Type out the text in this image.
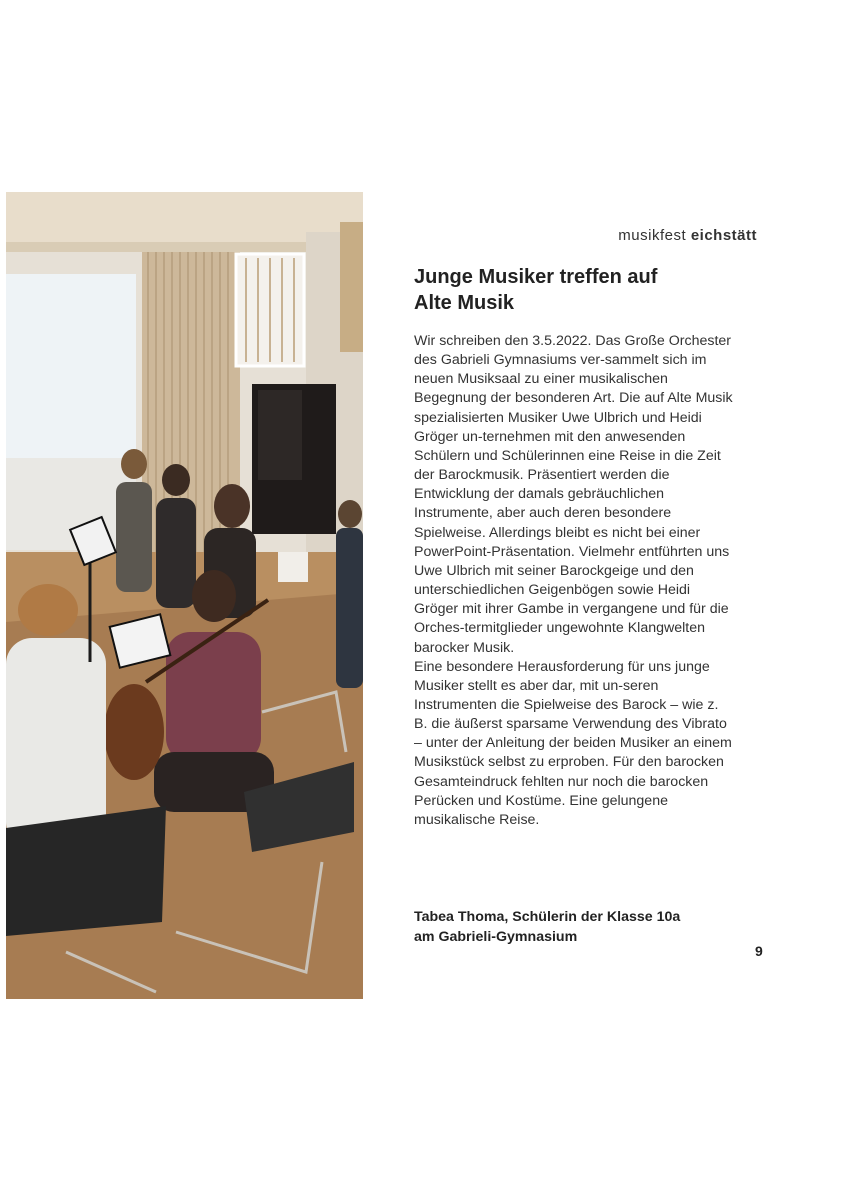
musikfest eichstätt
Junge Musiker treffen auf
Alte Musik

Wir schreiben den 3.5.2022. Das Große Orchester des Gabrieli Gymnasiums ver-sammelt sich im neuen Musiksaal zu einer musikalischen Begegnung der besonderen Art. Die auf Alte Musik spezialisierten Musiker Uwe Ulbrich und Heidi Gröger un-ternehmen mit den anwesenden Schülern und Schülerinnen eine Reise in die Zeit der Barockmusik. Präsentiert werden die Entwicklung der damals gebräuchlichen Instrumente, aber auch deren besondere Spielweise. Allerdings bleibt es nicht bei einer PowerPoint-Präsentation. Vielmehr entführten uns Uwe Ulbrich mit seiner Barockgeige und den unterschiedlichen Geigenbögen sowie Heidi Gröger mit ihrer Gambe in vergangene und für die Orches-termitglieder ungewohnte Klangwelten barocker Musik.

Eine besondere Herausforderung für uns junge Musiker stellt es aber dar, mit un-seren Instrumenten die Spielweise des Barock – wie z. B. die äußerst sparsame Verwendung des Vibrato – unter der Anleitung der beiden Musiker an einem Musikstück selbst zu erproben. Für den barocken Gesamteindruck fehlten nur noch die barocken Perücken und Kostüme. Eine gelungene musikalische Reise.

Tabea Thoma, Schülerin der Klasse 10a
am Gabrieli-Gymnasium
9
